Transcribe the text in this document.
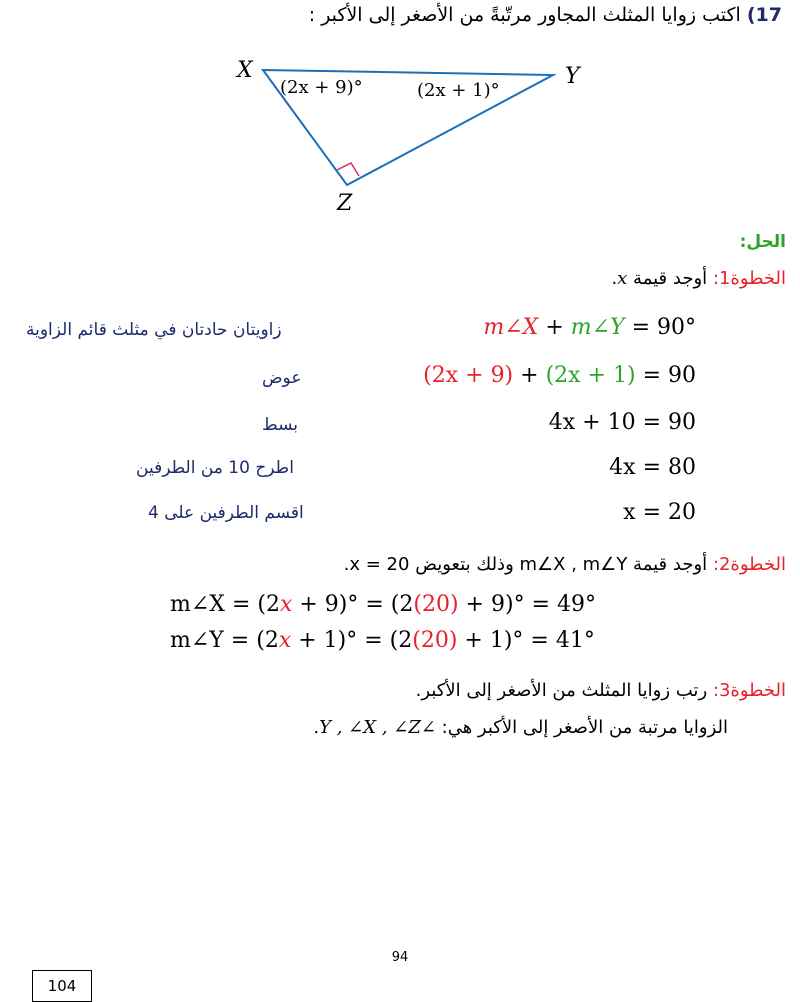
17) اكتب زوايا المثلث المجاور مرتّبةً من الأصغر إلى الأكبر :
X	Y
Z
(2x + 9)°	(2x + 1)°
الحل:
الخطوة1: أوجد قيمة x.
m∠X + m∠Y = 90°
زاويتان حادتان في مثلث قائم الزاوية
(2x + 9) + (2x + 1) = 90
عوض
4x + 10 = 90
بسط
4x = 80
اطرح 10 من الطرفين
x = 20
اقسم الطرفين على 4
الخطوة2: أوجد قيمة m∠X , m∠Y وذلك بتعويض x = 20.
m∠X = (2x + 9)° = (2(20) + 9)° = 49°
m∠Y = (2x + 1)° = (2(20) + 1)° = 41°
الخطوة3: رتب زوايا المثلث من الأصغر إلى الأكبر.
الزوايا مرتبة من الأصغر إلى الأكبر هي: ∠Y , ∠X , ∠Z.
94
104
